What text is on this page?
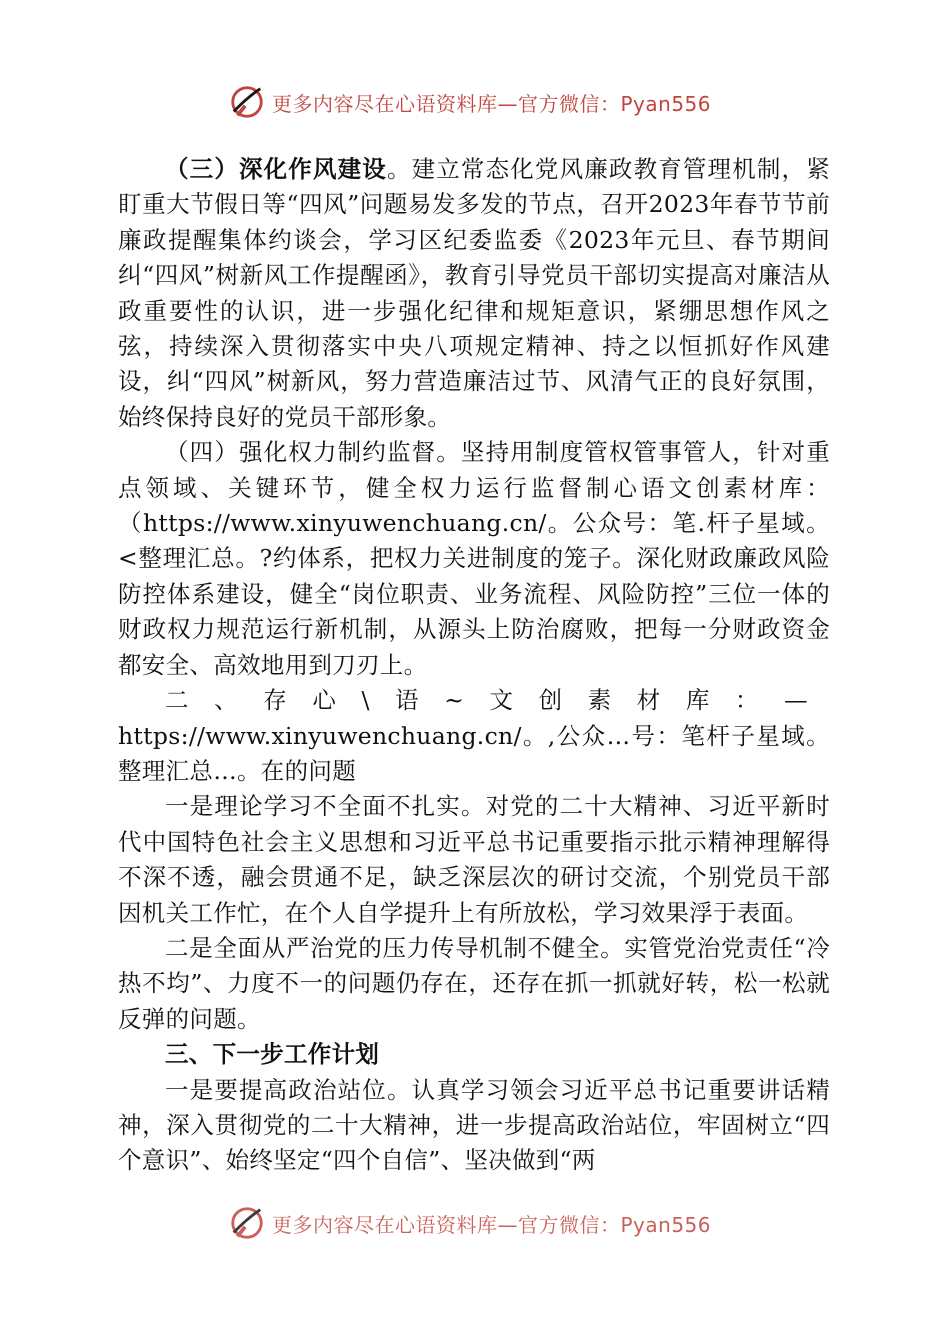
更多内容尽在心语资料库—官方微信：Pyan556

（三）深化作风建设。建立常态化党风廉政教育管理机制，紧盯重大节假日等“四风”问题易发多发的节点，召开2023年春节节前廉政提醒集体约谈会，学习区纪委监委《2023年元旦、春节期间纠“四风”树新风工作提醒函》，教育引导党员干部切实提高对廉洁从政重要性的认识，进一步强化纪律和规矩意识，紧绷思想作风之弦，持续深入贯彻落实中央八项规定精神、持之以恒抓好作风建设，纠“四风”树新风，努力营造廉洁过节、风清气正的良好氛围，始终保持良好的党员干部形象。

（四）强化权力制约监督。坚持用制度管权管事管人，针对重点领域、关键环节，健全权力运行监督制心语文创素材库：（https://www.xinyuwenchuang.cn/。公众号：笔.杆子星域。<整理汇总。?约体系，把权力关进制度的笼子。深化财政廉政风险防控体系建设，健全“岗位职责、业务流程、风险防控”三位一体的财政权力规范运行新机制，从源头上防治腐败，把每一分财政资金都安全、高效地用到刀刃上。

二、存心\语~文创素材库：—https://www.xinyuwenchuang.cn/。,公众…号：笔杆子星域。整理汇总…。在的问题

一是理论学习不全面不扎实。对党的二十大精神、习近平新时代中国特色社会主义思想和习近平总书记重要指示批示精神理解得不深不透，融会贯通不足，缺乏深层次的研讨交流，个别党员干部因机关工作忙，在个人自学提升上有所放松，学习效果浮于表面。

二是全面从严治党的压力传导机制不健全。实管党治党责任“冷热不均”、力度不一的问题仍存在，还存在抓一抓就好转，松一松就反弹的问题。

三、下一步工作计划

一是要提高政治站位。认真学习领会习近平总书记重要讲话精神，深入贯彻党的二十大精神，进一步提高政治站位，牢固树立“四个意识”、始终坚定“四个自信”、坚决做到“两

更多内容尽在心语资料库—官方微信：Pyan556
